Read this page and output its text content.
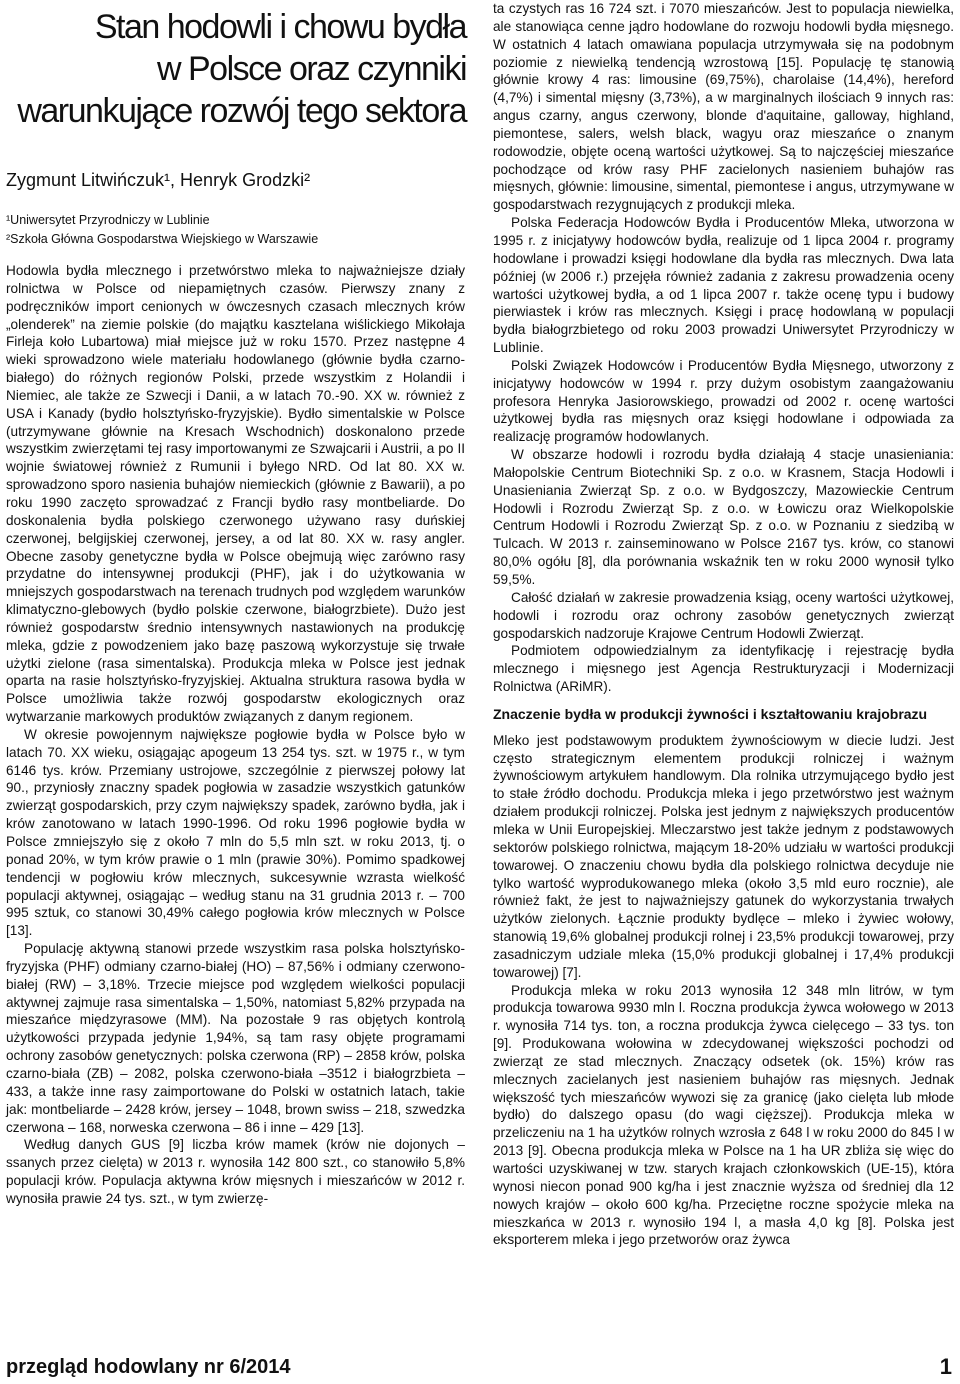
Stan hodowli i chowu bydła
w Polsce oraz czynniki
warunkujące rozwój tego sektora
Zygmunt Litwińczuk¹, Henryk Grodzki²
¹Uniwersytet Przyrodniczy w Lublinie
²Szkoła Główna Gospodarstwa Wiejskiego w Warszawie

Hodowla bydła mlecznego i przetwórstwo mleka to najważniejsze działy rolnictwa w Polsce od niepamiętnych czasów. Pierwszy znany z podręczników import cenionych w ówczesnych czasach mlecznych krów „olenderek” na ziemie polskie (do majątku kasztelana wiślickiego Mikołaja Firleja koło Lubartowa) miał miejsce już w roku 1570. Przez następne 4 wieki sprowadzono wiele materiału hodowlanego (głównie bydła czarno-białego) do różnych regionów Polski, przede wszystkim z Holandii i Niemiec, ale także ze Szwecji i Danii, a w latach 70.-90. XX w. również z USA i Kanady (bydło holsztyńsko-fryzyjskie). Bydło simentalskie w Polsce (utrzymywane głównie na Kresach Wschodnich) doskonalono przede wszystkim zwierzętami tej rasy importowanymi ze Szwajcarii i Austrii, a po II wojnie światowej również z Rumunii i byłego NRD. Od lat 80. XX w. sprowadzono sporo nasienia buhajów niemieckich (głównie z Bawarii), a po roku 1990 zaczęto sprowadzać z Francji bydło rasy montbeliarde. Do doskonalenia bydła polskiego czerwonego używano rasy duńskiej czerwonej, belgijskiej czerwonej, jersey, a od lat 80. XX w. rasy angler. Obecne zasoby genetyczne bydła w Polsce obejmują więc zarówno rasy przydatne do intensywnej produkcji (PHF), jak i do użytkowania w mniejszych gospodarstwach na terenach trudnych pod względem warunków klimatyczno-glebowych (bydło polskie czerwone, białogrzbiete). Dużo jest również gospodarstw średnio intensywnych nastawionych na produkcję mleka, gdzie z powodzeniem jako bazę paszową wykorzystuje się trwałe użytki zielone (rasa simentalska). Produkcja mleka w Polsce jest jednak oparta na rasie holsztyńsko-fryzyjskiej. Aktualna struktura rasowa bydła w Polsce umożliwia także rozwój gospodarstw ekologicznych oraz wytwarzanie markowych produktów związanych z danym regionem.

W okresie powojennym największe pogłowie bydła w Polsce było w latach 70. XX wieku, osiągając apogeum 13 254 tys. szt. w 1975 r., w tym 6146 tys. krów. Przemiany ustrojowe, szczególnie z pierwszej połowy lat 90., przyniosły znaczny spadek pogłowia w zasadzie wszystkich gatunków zwierząt gospodarskich, przy czym największy spadek, zarówno bydła, jak i krów zanotowano w latach 1990-1996. Od roku 1996 pogłowie bydła w Polsce zmniejszyło się z około 7 mln do 5,5 mln szt. w roku 2013, tj. o ponad 20%, w tym krów prawie o 1 mln (prawie 30%). Pomimo spadkowej tendencji w pogłowiu krów mlecznych, sukcesywnie wzrasta wielkość populacji aktywnej, osiągając – według stanu na 31 grudnia 2013 r. – 700 995 sztuk, co stanowi 30,49% całego pogłowia krów mlecznych w Polsce [13].

Populację aktywną stanowi przede wszystkim rasa polska holsztyńsko-fryzyjska (PHF) odmiany czarno-białej (HO) – 87,56% i odmiany czerwono-białej (RW) – 3,18%. Trzecie miejsce pod względem wielkości populacji aktywnej zajmuje rasa simentalska – 1,50%, natomiast 5,82% przypada na mieszańce międzyrasowe (MM). Na pozostałe 9 ras objętych kontrolą użytkowości przypada jedynie 1,94%, są tam rasy objęte programami ochrony zasobów genetycznych: polska czerwona (RP) – 2858 krów, polska czarno-biała (ZB) – 2082, polska czerwono-biała –3512 i białogrzbieta – 433, a także inne rasy zaimportowane do Polski w ostatnich latach, takie jak: montbeliarde – 2428 krów, jersey – 1048, brown swiss – 218, szwedzka czerwona – 168, norweska czerwona – 86 i inne – 429 [13].

Według danych GUS [9] liczba krów mamek (krów nie dojonych – ssanych przez cielęta) w 2013 r. wynosiła 142 800 szt., co stanowiło 5,8% populacji krów. Populacja aktywna krów mięsnych i mieszańców w 2012 r. wynosiła prawie 24 tys. szt., w tym zwierzę-

ta czystych ras 16 724 szt. i 7070 mieszańców. Jest to populacja niewielka, ale stanowiąca cenne jądro hodowlane do rozwoju hodowli bydła mięsnego. W ostatnich 4 latach omawiana populacja utrzymywała się na podobnym poziomie z niewielką tendencją wzrostową [15]. Populację tę stanowią głównie krowy 4 ras: limousine (69,75%), charolaise (14,4%), hereford (4,7%) i simental mięsny (3,73%), a w marginalnych ilościach 9 innych ras: angus czarny, angus czerwony, blonde d'aquitaine, galloway, highland, piemontese, salers, welsh black, wagyu oraz mieszańce o znanym rodowodzie, objęte oceną wartości użytkowej. Są to najczęściej mieszańce pochodzące od krów rasy PHF zacielonych nasieniem buhajów ras mięsnych, głównie: limousine, simental, piemontese i angus, utrzymywane w gospodarstwach rezygnujących z produkcji mleka.

Polska Federacja Hodowców Bydła i Producentów Mleka, utworzona w 1995 r. z inicjatywy hodowców bydła, realizuje od 1 lipca 2004 r. programy hodowlane i prowadzi księgi hodowlane dla bydła ras mlecznych. Dwa lata później (w 2006 r.) przejęła również zadania z zakresu prowadzenia oceny wartości użytkowej bydła, a od 1 lipca 2007 r. także ocenę typu i budowy pierwiastek i krów ras mlecznych. Księgi i pracę hodowlaną w populacji bydła białogrzbietego od roku 2003 prowadzi Uniwersytet Przyrodniczy w Lublinie.

Polski Związek Hodowców i Producentów Bydła Mięsnego, utworzony z inicjatywy hodowców w 1994 r. przy dużym osobistym zaangażowaniu profesora Henryka Jasiorowskiego, prowadzi od 2002 r. ocenę wartości użytkowej bydła ras mięsnych oraz księgi hodowlane i odpowiada za realizację programów hodowlanych.

W obszarze hodowli i rozrodu bydła działają 4 stacje unasieniania: Małopolskie Centrum Biotechniki Sp. z o.o. w Krasnem, Stacja Hodowli i Unasieniania Zwierząt Sp. z o.o. w Bydgoszczy, Mazowieckie Centrum Hodowli i Rozrodu Zwierząt Sp. z o.o. w Łowiczu oraz Wielkopolskie Centrum Hodowli i Rozrodu Zwierząt Sp. z o.o. w Poznaniu z siedzibą w Tulcach. W 2013 r. zainseminowano w Polsce 2167 tys. krów, co stanowi 80,0% ogółu [8], dla porównania wskaźnik ten w roku 2000 wynosił tylko 59,5%.

Całość działań w zakresie prowadzenia ksiąg, oceny wartości użytkowej, hodowli i rozrodu oraz ochrony zasobów genetycznych zwierząt gospodarskich nadzoruje Krajowe Centrum Hodowli Zwierząt.

Podmiotem odpowiedzialnym za identyfikację i rejestrację bydła mlecznego i mięsnego jest Agencja Restrukturyzacji i Modernizacji Rolnictwa (ARiMR).

Znaczenie bydła w produkcji żywności i kształtowaniu krajobrazu

Mleko jest podstawowym produktem żywnościowym w diecie ludzi. Jest często strategicznym elementem produkcji rolniczej i ważnym żywnościowym artykułem handlowym. Dla rolnika utrzymującego bydło jest to stałe źródło dochodu. Produkcja mleka i jego przetwórstwo jest ważnym działem produkcji rolniczej. Polska jest jednym z największych producentów mleka w Unii Europejskiej. Mleczarstwo jest także jednym z podstawowych sektorów polskiego rolnictwa, mającym 18-20% udziału w wartości produkcji towarowej. O znaczeniu chowu bydła dla polskiego rolnictwa decyduje nie tylko wartość wyprodukowanego mleka (około 3,5 mld euro rocznie), ale również fakt, że jest to najważniejszy gatunek do wykorzystania trwałych użytków zielonych. Łącznie produkty bydlęce – mleko i żywiec wołowy, stanowią 19,6% globalnej produkcji rolnej i 23,5% produkcji towarowej, przy zasadniczym udziale mleka (15,0% produkcji globalnej i 17,4% produkcji towarowej) [7].

Produkcja mleka w roku 2013 wynosiła 12 348 mln litrów, w tym produkcja towarowa 9930 mln l. Roczna produkcja żywca wołowego w 2013 r. wynosiła 714 tys. ton, a roczna produkcja żywca cielęcego – 33 tys. ton [9]. Produkowana wołowina w zdecydowanej większości pochodzi od zwierząt ze stad mlecznych. Znaczący odsetek (ok. 15%) krów ras mlecznych zacielanych jest nasieniem buhajów ras mięsnych. Jednak większość tych mieszańców wywozi się za granicę (jako cielęta lub młode bydło) do dalszego opasu (do wagi cięższej). Produkcja mleka w przeliczeniu na 1 ha użytków rolnych wzrosła z 648 l w roku 2000 do 845 l w 2013 [9]. Obecna produkcja mleka w Polsce na 1 ha UR zbliża się więc do wartości uzyskiwanej w tzw. starych krajach członkowskich (UE-15), która wynosi niecon ponad 900 kg/ha i jest znacznie wyższa od średniej dla 12 nowych krajów – około 600 kg/ha. Przeciętne roczne spożycie mleka na mieszkańca w 2013 r. wynosiło 194 l, a masła 4,0 kg [8]. Polska jest eksporterem mleka i jego przetworów oraz żywca

przegląd hodowlany nr 6/2014	1
